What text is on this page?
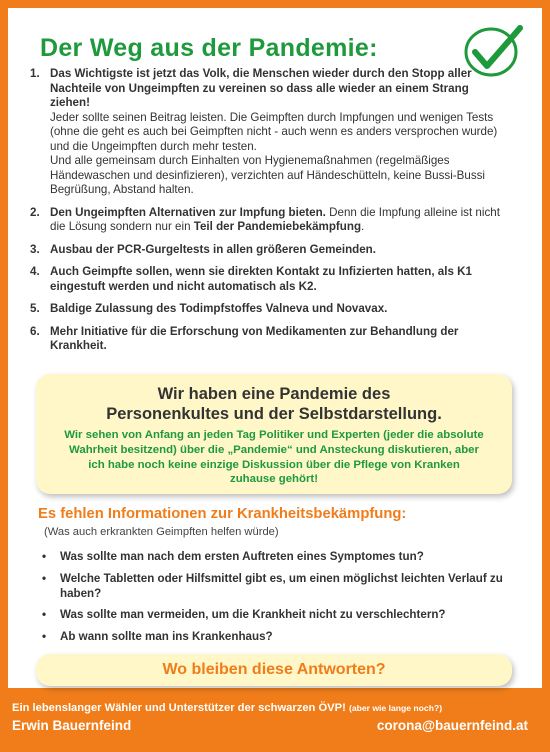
Der Weg aus der Pandemie:
1. Das Wichtigste ist jetzt das Volk, die Menschen wieder durch den Stopp aller Nachteile von Ungeimpften zu vereinen so dass alle wieder an einem Strang ziehen!
Jeder sollte seinen Beitrag leisten. Die Geimpften durch Impfungen und wenigen Tests (ohne die geht es auch bei Geimpften nicht - auch wenn es anders versprochen wurde) und die Ungeimpften durch mehr testen.
Und alle gemeinsam durch Einhalten von Hygienemaßnahmen (regelmäßiges Händewaschen und desinfizieren), verzichten auf Händeschütteln, keine Bussi-Bussi Begrüßung, Abstand halten.
2. Den Ungeimpften Alternativen zur Impfung bieten. Denn die Impfung alleine ist nicht die Lösung sondern nur ein Teil der Pandemiebekämpfung.
3. Ausbau der PCR-Gurgeltests in allen größeren Gemeinden.
4. Auch Geimpfte sollen, wenn sie direkten Kontakt zu Infizierten hatten, als K1 eingestuft werden und nicht automatisch als K2.
5. Baldige Zulassung des Todimpfstoffes Valneva und Novavax.
6. Mehr Initiative für die Erforschung von Medikamenten zur Behandlung der Krankheit.
Wir haben eine Pandemie des
Personenkultes und der Selbstdarstellung.
Wir sehen von Anfang an jeden Tag Politiker und Experten (jeder die absolute Wahrheit besitzend) über die „Pandemie“ und Ansteckung diskutieren, aber ich habe noch keine einzige Diskussion über die Pflege von Kranken zuhause gehört!
Es fehlen Informationen zur Krankheitsbekämpfung:
(Was auch erkrankten Geimpften helfen würde)
• Was sollte man nach dem ersten Auftreten eines Symptomes tun?
• Welche Tabletten oder Hilfsmittel gibt es, um einen möglichst leichten Verlauf zu haben?
• Was sollte man vermeiden, um die Krankheit nicht zu verschlechtern?
• Ab wann sollte man ins Krankenhaus?
Wo bleiben diese Antworten?
Ein lebenslanger Wähler und Unterstützer der schwarzen ÖVP! (aber wie lange noch?)
Erwin Bauernfeind	corona@bauernfeind.at
